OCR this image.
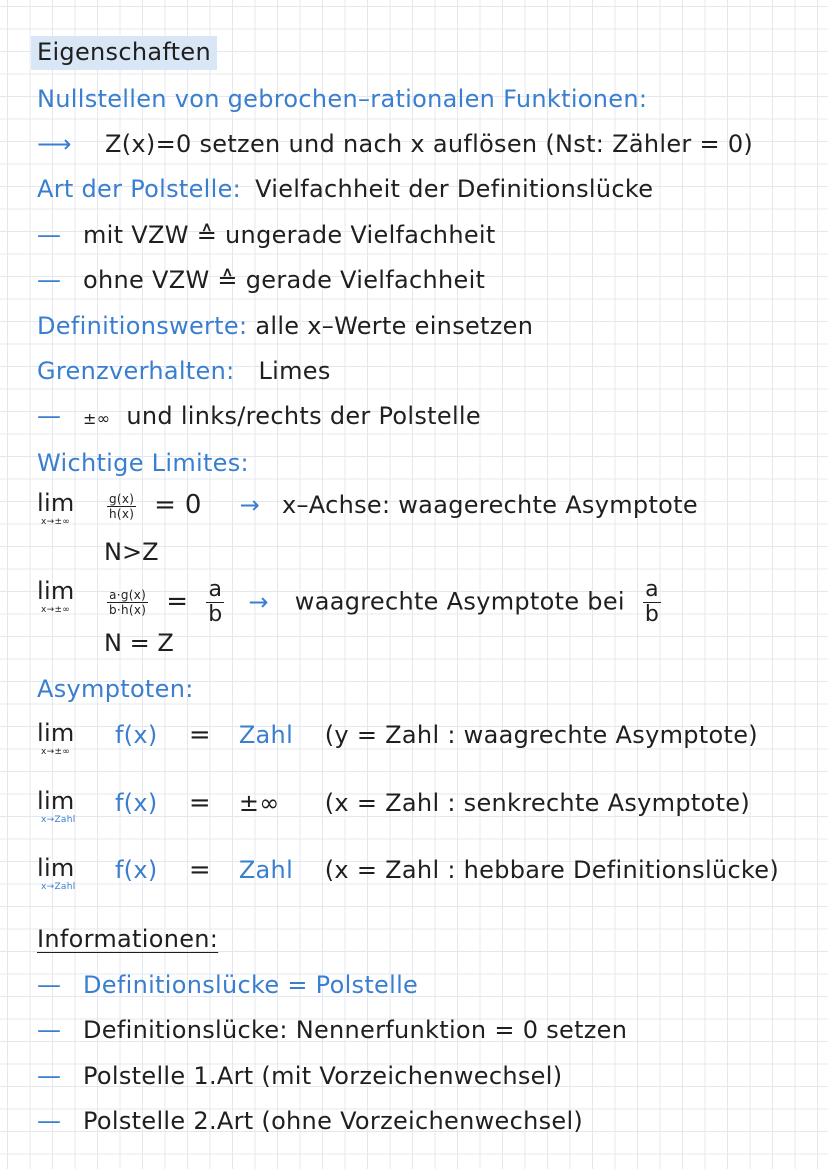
Eigenschaften
Nullstellen von gebrochen–rationalen Funktionen:
⟶ Z(x)=0 setzen und nach x auflösen (Nst: Zähler = 0)
Art der Polstelle: Vielfachheit der Definitionslücke
— mit VZW ≙ ungerade Vielfachheit
— ohne VZW ≙ gerade Vielfachheit
Definitionswerte: alle x–Werte einsetzen
Grenzverhalten: Limes
— ±∞ und links/rechts der Polstelle
Wichtige Limites:
lim
x→±∞

$\frac{g(x)}{h(x)} = 0$ → x–Achse: waagerechte Asymptote
N>Z
lim
x→±∞
	$\frac{a\cdot g(x)}{b\cdot h(x)} = \frac{a}{b}$ → waagrechte Asymptote bei $\frac{a}{b}$
N = Z
Asymptoten:
lim
x→±∞
f(x) = Zahl (y = Zahl : waagrechte Asymptote)
lim
x→Zahl
f(x) = ±∞ (x = Zahl : senkrechte Asymptote)
lim
x→Zahl
f(x) = Zahl (x = Zahl : hebbare Definitionslücke)
Informationen:
— Definitionslücke = Polstelle
— Definitionslücke: Nennerfunktion = 0 setzen
— Polstelle 1.Art (mit Vorzeichenwechsel)
— Polstelle 2.Art (ohne Vorzeichenwechsel)
